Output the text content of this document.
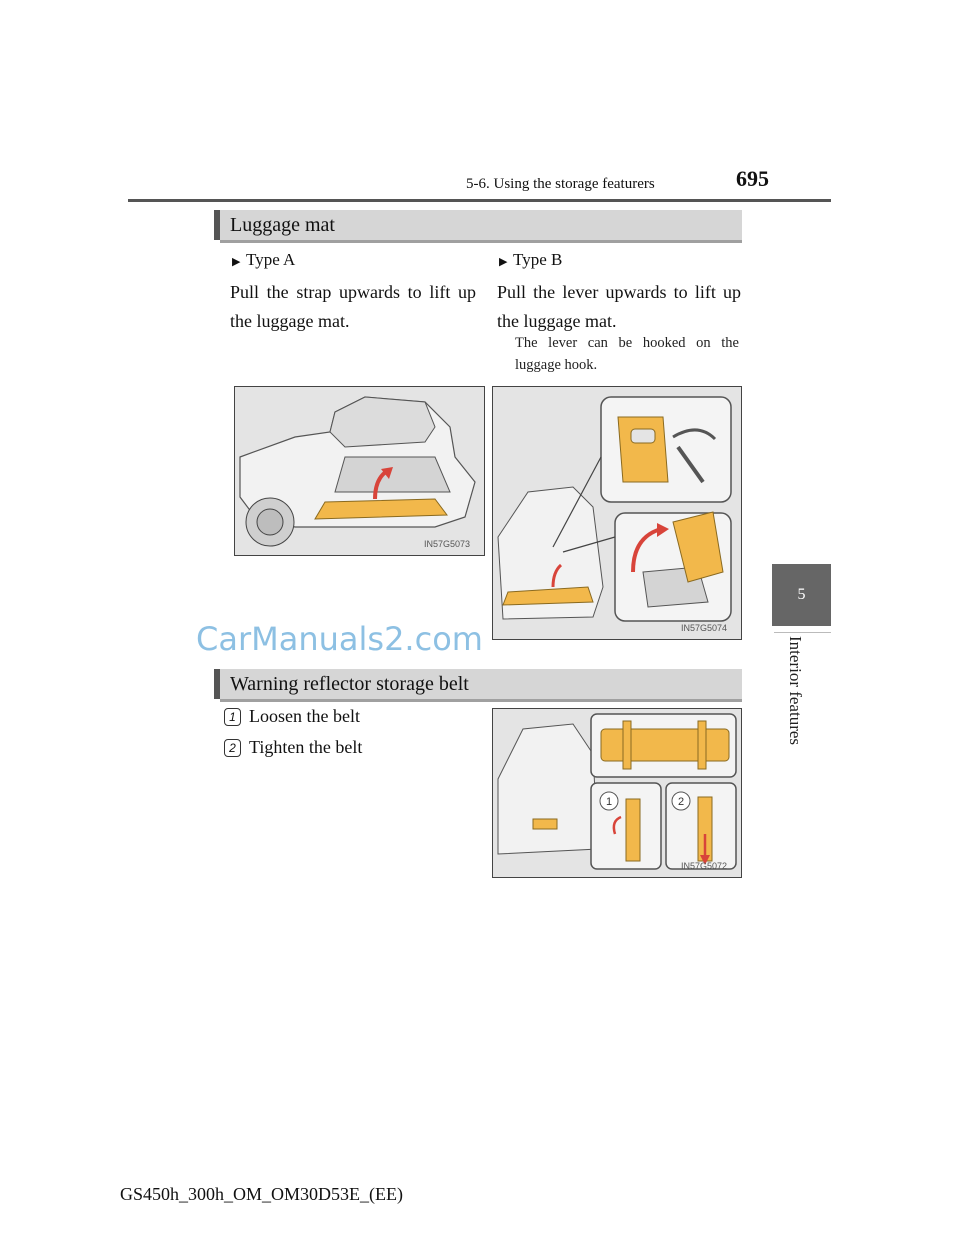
5-6. Using the storage featurers	695
5
Interior features
Luggage mat
▶ Type A
Pull the strap upwards to lift up the luggage mat.
▶ Type B
Pull the lever upwards to lift up the luggage mat.
The lever can be hooked on the luggage hook.
IN57G5073
IN57G5074
CarManuals2.com
Warning reflector storage belt
1 Loosen the belt
2 Tighten the belt
1	2
IN57G5072
GS450h_300h_OM_OM30D53E_(EE)
